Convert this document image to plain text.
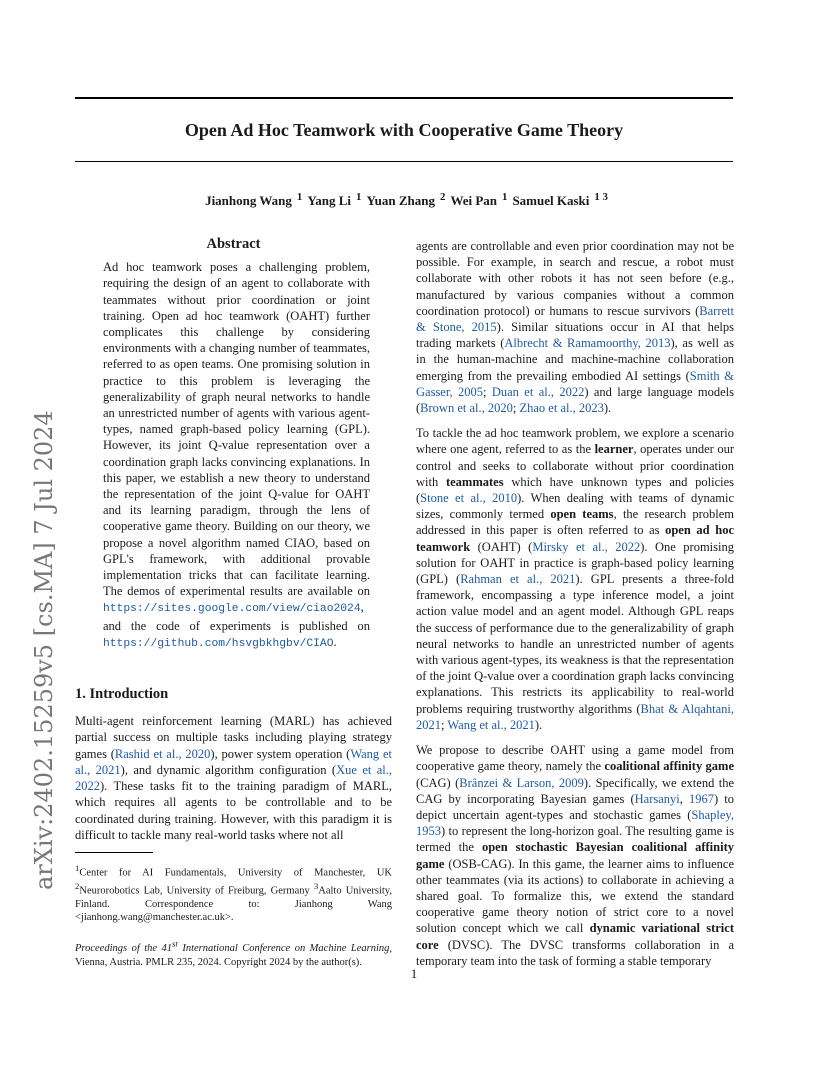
Open Ad Hoc Teamwork with Cooperative Game Theory
Jianhong Wang $^1$ Yang Li $^1$ Yuan Zhang $^2$ Wei Pan $^1$ Samuel Kaski $^{1 3}$
arXiv:2402.15259v5 [cs.MA] 7 Jul 2024
Abstract
Ad hoc teamwork poses a challenging problem, requiring the design of an agent to collaborate with teammates without prior coordination or joint training. Open ad hoc teamwork (OAHT) further complicates this challenge by considering environments with a changing number of teammates, referred to as open teams. One promising solution in practice to this problem is leveraging the generalizability of graph neural networks to handle an unrestricted number of agents with various agent-types, named graph-based policy learning (GPL). However, its joint Q-value representation over a coordination graph lacks convincing explanations. In this paper, we establish a new theory to understand the representation of the joint Q-value for OAHT and its learning paradigm, through the lens of cooperative game theory. Building on our theory, we propose a novel algorithm named CIAO, based on GPL's framework, with additional provable implementation tricks that can facilitate learning. The demos of experimental results are available on https://sites.google.com/view/ciao2024, and the code of experiments is published on https://github.com/hsvgbkhgbv/CIAO.
1. Introduction

Multi-agent reinforcement learning (MARL) has achieved partial success on multiple tasks including playing strategy games (Rashid et al., 2020), power system operation (Wang et al., 2021), and dynamic algorithm configuration (Xue et al., 2022). These tasks fit to the training paradigm of MARL, which requires all agents to be controllable and to be coordinated during training. However, with this paradigm it is difficult to tackle many real-world tasks where not all

$^1$Center for AI Fundamentals, University of Manchester, UK $^2$Neurorobotics Lab, University of Freiburg, Germany $^3$Aalto University, Finland. Correspondence to: Jianhong Wang <jianhong.wang@manchester.ac.uk>.
Proceedings of the 41st International Conference on Machine Learning, Vienna, Austria. PMLR 235, 2024. Copyright 2024 by the author(s).

agents are controllable and even prior coordination may not be possible. For example, in search and rescue, a robot must collaborate with other robots it has not seen before (e.g., manufactured by various companies without a common coordination protocol) or humans to rescue survivors (Barrett & Stone, 2015). Similar situations occur in AI that helps trading markets (Albrecht & Ramamoorthy, 2013), as well as in the human-machine and machine-machine collaboration emerging from the prevailing embodied AI settings (Smith & Gasser, 2005; Duan et al., 2022) and large language models (Brown et al., 2020; Zhao et al., 2023).

To tackle the ad hoc teamwork problem, we explore a scenario where one agent, referred to as the learner, operates under our control and seeks to collaborate without prior coordination with teammates which have unknown types and policies (Stone et al., 2010). When dealing with teams of dynamic sizes, commonly termed open teams, the research problem addressed in this paper is often referred to as open ad hoc teamwork (OAHT) (Mirsky et al., 2022). One promising solution for OAHT in practice is graph-based policy learning (GPL) (Rahman et al., 2021). GPL presents a three-fold framework, encompassing a type inference model, a joint action value model and an agent model. Although GPL reaps the success of performance due to the generalizability of graph neural networks to handle an unrestricted number of agents with various agent-types, its weakness is that the representation of the joint Q-value over a coordination graph lacks convincing explanations. This restricts its applicability to real-world problems requiring trustworthy algorithms (Bhat & Alqahtani, 2021; Wang et al., 2021).

We propose to describe OAHT using a game model from cooperative game theory, namely the coalitional affinity game (CAG) (Brânzei & Larson, 2009). Specifically, we extend the CAG by incorporating Bayesian games (Harsanyi, 1967) to depict uncertain agent-types and stochastic games (Shapley, 1953) to represent the long-horizon goal. The resulting game is termed the open stochastic Bayesian coalitional affinity game (OSB-CAG). In this game, the learner aims to influence other teammates (via its actions) to collaborate in achieving a shared goal. To formalize this, we extend the standard cooperative game theory notion of strict core to a novel solution concept which we call dynamic variational strict core (DVSC). The DVSC transforms collaboration in a temporary team into the task of forming a stable temporary

1
